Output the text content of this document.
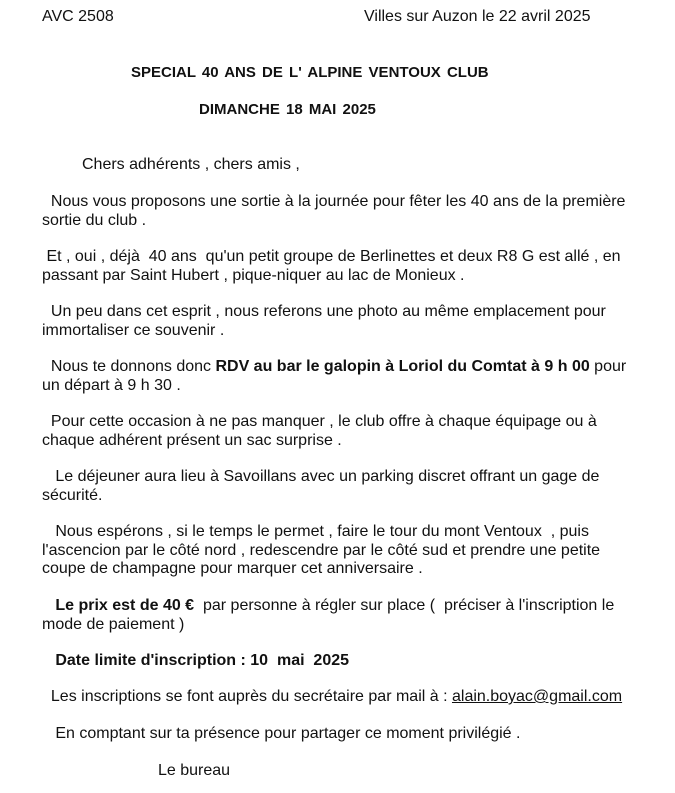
AVC 2508	Villes sur Auzon le 22 avril 2025
SPECIAL 40 ANS DE L' ALPINE VENTOUX CLUB
DIMANCHE 18 MAI 2025
Chers adhérents , chers amis ,
Nous vous proposons une sortie à la journée pour fêter les 40 ans de la première sortie du club .
Et , oui , déjà  40 ans  qu'un petit groupe de Berlinettes et deux R8 G est allé , en passant par Saint Hubert , pique-niquer au lac de Monieux .
Un peu dans cet esprit , nous referons une photo au même emplacement pour immortaliser ce souvenir .
Nous te donnons donc RDV au bar le galopin à Loriol du Comtat à 9 h 00 pour un départ à 9 h 30 .
Pour cette occasion à ne pas manquer , le club offre à chaque équipage ou à chaque adhérent présent un sac surprise .
Le déjeuner aura lieu à Savoillans avec un parking discret offrant un gage de sécurité.
Nous espérons , si le temps le permet , faire le tour du mont Ventoux  , puis l'ascencion par le côté nord , redescendre par le côté sud et prendre une petite coupe de champagne pour marquer cet anniversaire .
Le prix est de 40 €  par personne à régler sur place (  préciser à l'inscription le mode de paiement )
Date limite d'inscription : 10  mai  2025
Les inscriptions se font auprès du secrétaire par mail à : alain.boyac@gmail.com
En comptant sur ta présence pour partager ce moment privilégié .
Le bureau
